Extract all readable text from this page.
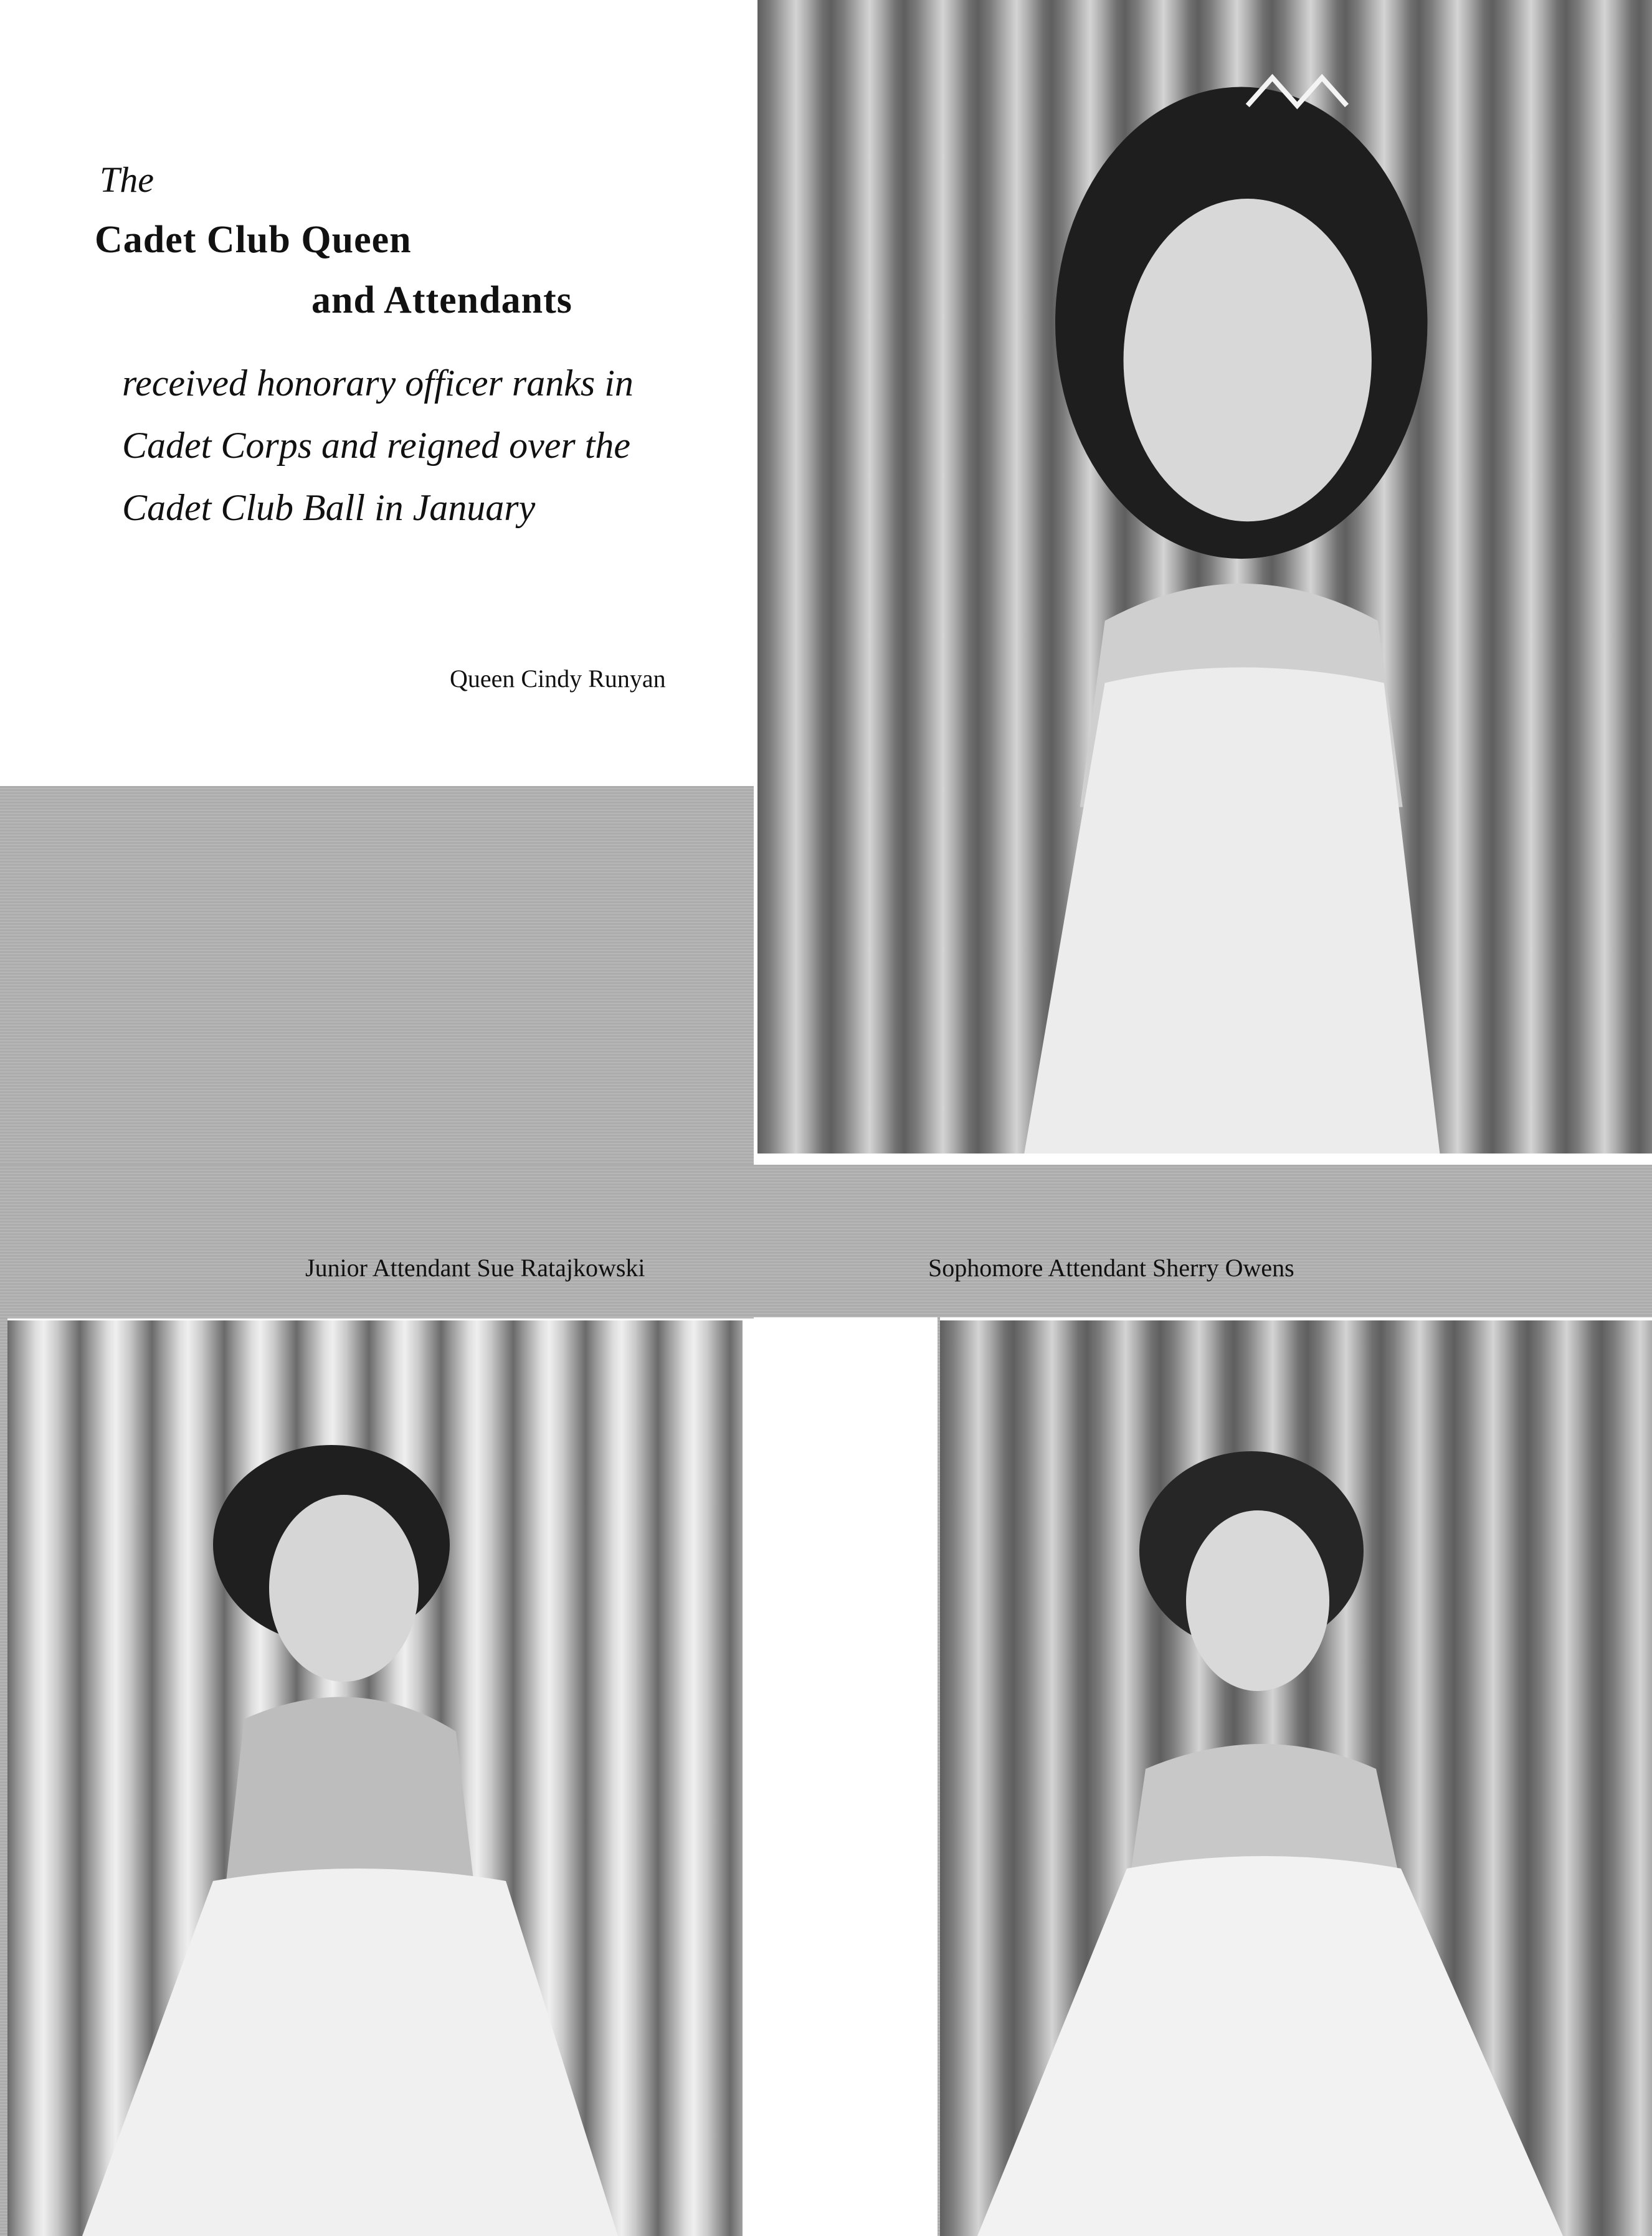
The
Cadet Club Queen
and Attendants
received honorary officer ranks in Cadet Corps and reigned over the Cadet Club Ball in January
Queen Cindy Runyan
Junior Attendant Sue Ratajkowski	Sophomore Attendant Sherry Owens
